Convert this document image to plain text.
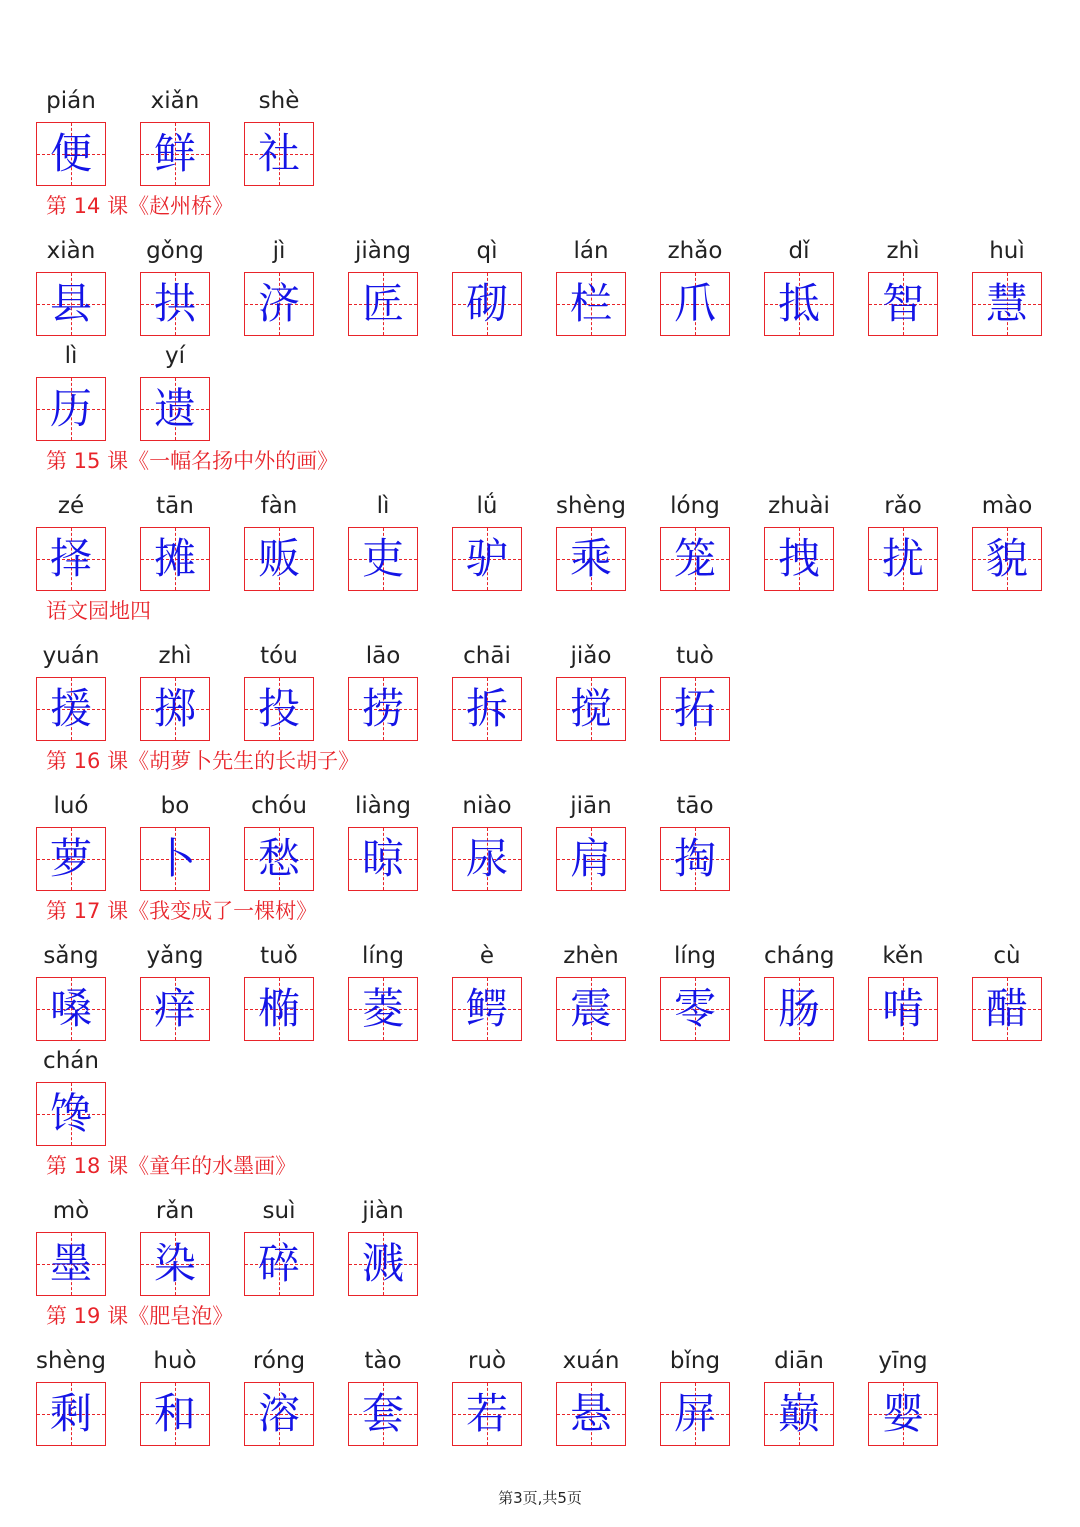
pián
便
xiǎn
鲜
shè
社
第 14 课《赵州桥》
xiàn
县
gǒng
拱
jì
济
jiàng
匠
qì
砌
lán
栏
zhǎo
爪
dǐ
抵
zhì
智
huì
慧
lì
历
yí
遗
第 15 课《一幅名扬中外的画》
zé
择
tān
摊
fàn
贩
lì
吏
lǘ
驴
shèng
乘
lóng
笼
zhuài
拽
rǎo
扰
mào
貌
语文园地四
yuán
援
zhì
掷
tóu
投
lāo
捞
chāi
拆
jiǎo
搅
tuò
拓
第 16 课《胡萝卜先生的长胡子》
luó
萝
bo
卜
chóu
愁
liàng
晾
niào
尿
jiān
肩
tāo
掏
第 17 课《我变成了一棵树》
sǎng
嗓
yǎng
痒
tuǒ
椭
líng
菱
è
鳄
zhèn
震
líng
零
cháng
肠
kěn
啃
cù
醋
chán
馋
第 18 课《童年的水墨画》
mò
墨
rǎn
染
suì
碎
jiàn
溅
第 19 课《肥皂泡》
shèng
剩
huò
和
róng
溶
tào
套
ruò
若
xuán
悬
bǐng
屏
diān
巅
yīng
婴
第3页,共5页
